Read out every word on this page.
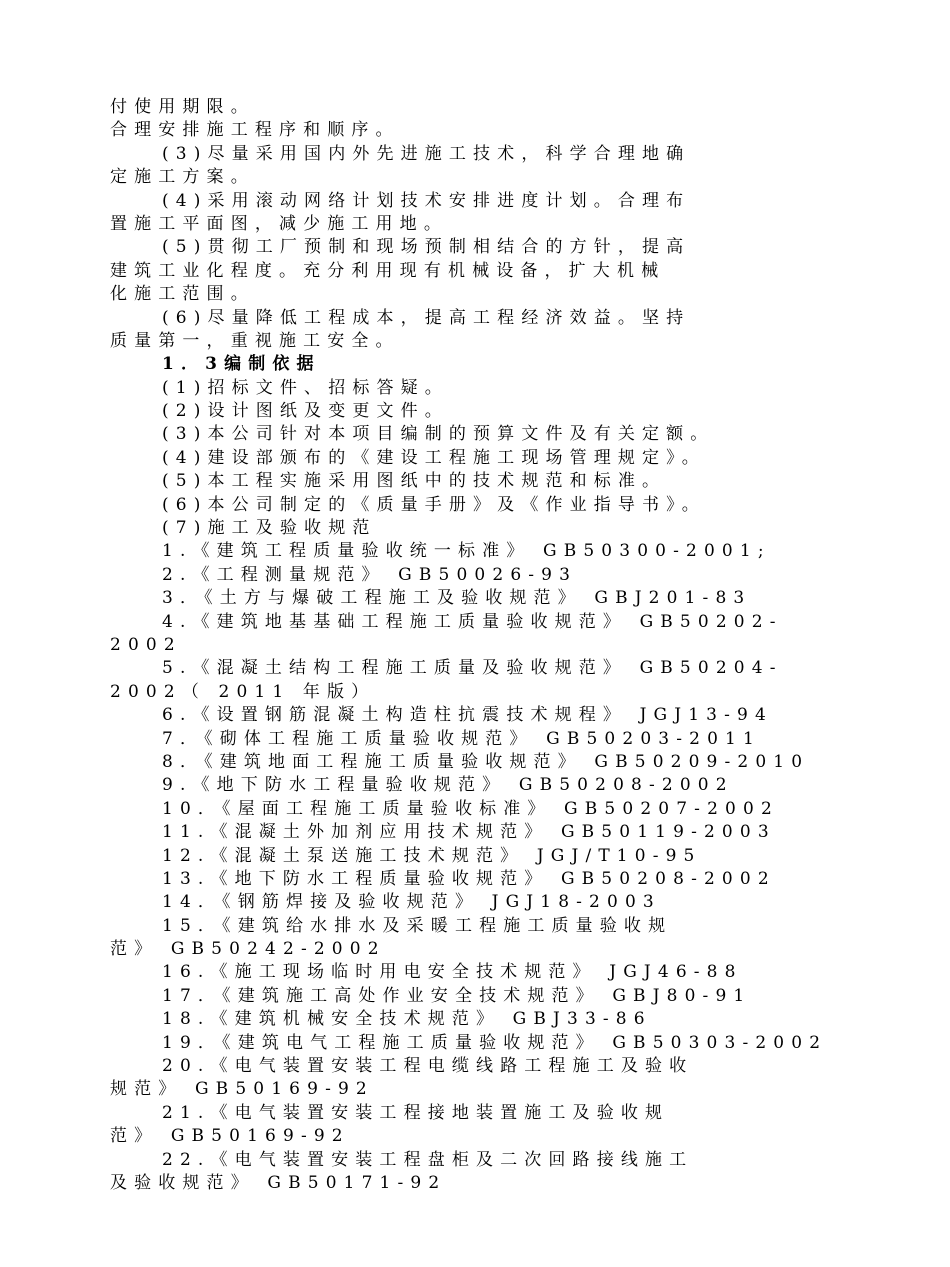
付使用期限。
合理安排施工程序和顺序。
(3)尽量采用国内外先进施工技术，科学合理地确
定施工方案。
(4)采用滚动网络计划技术安排进度计划。合理布
置施工平面图，减少施工用地。
(5)贯彻工厂预制和现场预制相结合的方针，提高
建筑工业化程度。充分利用现有机械设备，扩大机械
化施工范围。
(6)尽量降低工程成本，提高工程经济效益。坚持
质量第一，重视施工安全。
1．3编制依据
(1)招标文件、招标答疑。
(2)设计图纸及变更文件。
(3)本公司针对本项目编制的预算文件及有关定额。
(4)建设部颁布的《建设工程施工现场管理规定》。
(5)本工程实施采用图纸中的技术规范和标准。
(6)本公司制定的《质量手册》及《作业指导书》。
(7)施工及验收规范
1.《建筑工程质量验收统一标准》 GB50300-2001;
2.《工程测量规范》 GB50026-93
3．《土方与爆破工程施工及验收规范》 GBJ201-83
4.《建筑地基基础工程施工质量验收规范》 GB50202-
2002
5.《混凝土结构工程施工质量及验收规范》 GB50204-
2002（ 2011 年版）
6.《设置钢筋混凝土构造柱抗震技术规程》 JGJ13-94
7．《砌体工程施工质量验收规范》 GB50203-2011
8．《建筑地面工程施工质量验收规范》 GB50209-2010
9.《地下防水工程量验收规范》 GB50208-2002
10．《屋面工程施工质量验收标准》 GB50207-2002
11.《混凝土外加剂应用技术规范》 GB50119-2003
12.《混凝土泵送施工技术规范》 JGJ/T10-95
13.《地下防水工程质量验收规范》 GB50208-2002
14．《钢筋焊接及验收规范》 JGJ18-2003
15．《建筑给水排水及采暖工程施工质量验收规
范》 GB50242-2002
16.《施工现场临时用电安全技术规范》 JGJ46-88
17．《建筑施工高处作业安全技术规范》 GBJ80-91
18.《建筑机械安全技术规范》 GBJ33-86
19．《建筑电气工程施工质量验收规范》 GB50303-2002
20.《电气装置安装工程电缆线路工程施工及验收
规范》 GB50169-92
21.《电气装置安装工程接地装置施工及验收规
范》 GB50169-92
22.《电气装置安装工程盘柜及二次回路接线施工
及验收规范》 GB50171-92
